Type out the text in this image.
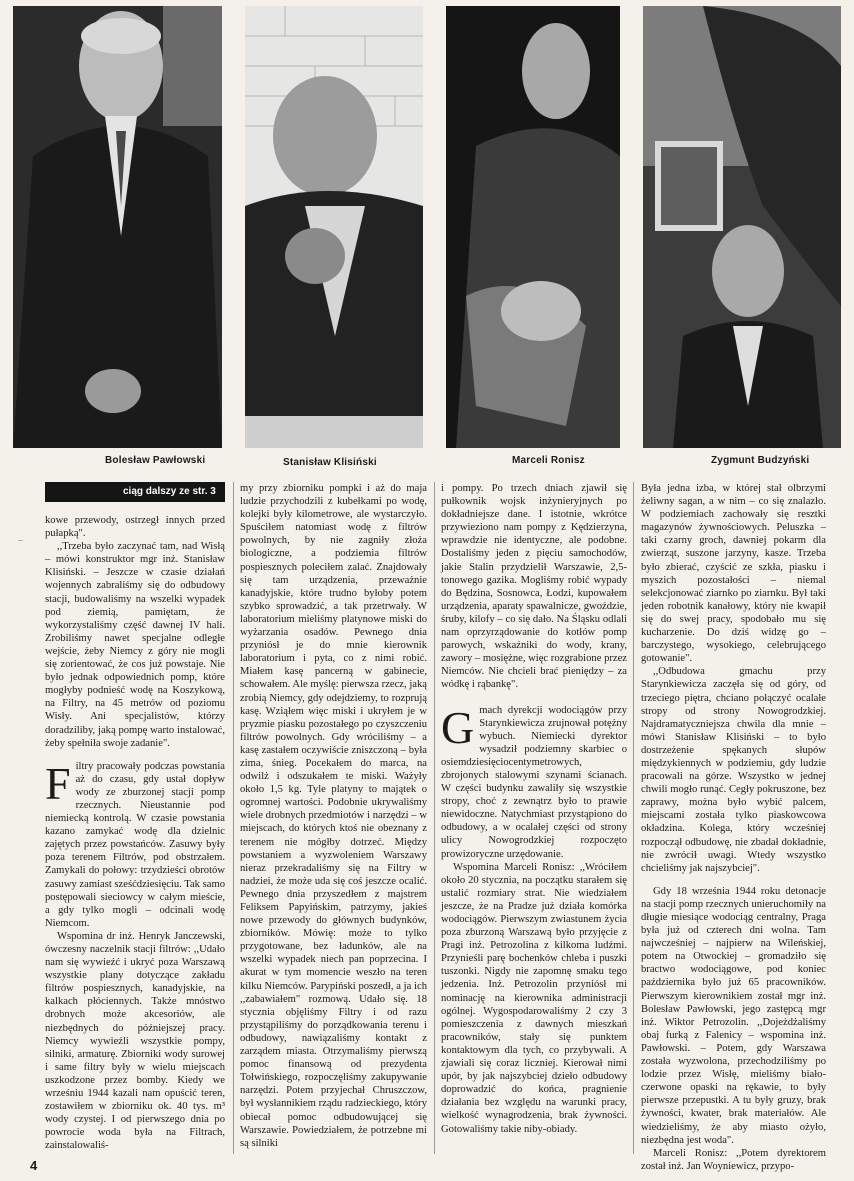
Bolesław Pawłowski	Stanisław Klisiński	Marceli Ronisz	Zygmunt Budzyński
–
ciąg dalszy ze str. 3

kowe przewody, ostrzegł innych przed pułapką".

,,Trzeba było zaczynać tam, nad Wisłą – mówi konstruktor mgr inż. Stanisław Klisiński. – Jeszcze w czasie działań wojennych zabraliśmy się do odbudowy stacji, budowaliśmy na wszelki wypadek pod ziemią, pamiętam, że wykorzystaliśmy część dawnej IV hali. Zrobiliśmy nawet specjalne odległe wejście, żeby Niemcy z góry nie mogli się zorientować, że cos już powstaje. Nie było jednak odpowiednich pomp, które mogłyby podnieść wodę na Koszykową, na Filtry, na 45 metrów od poziomu Wisły. Ani specjalistów, którzy doradziliby, jaką pompę warto instalować, żeby spełniła swoje zadanie".

F iltry pracowały podczas powstania aż do czasu, gdy ustał dopływ wody ze zburzonej stacji pomp rzecznych. Nieustannie pod niemiecką kontrolą. W czasie powstania kazano zamykać wodę dla dzielnic zajętych przez powstańców. Zasuwy były poza terenem Filtrów, pod obstrzałem. Zamykali do połowy: trzydzieści obrotów zasuwy zamiast sześćdziesięciu. Tak samo postępowali sieciowcy w całym mieście, a gdy tylko mogli – odcinali wodę Niemcom.

Wspomina dr inż. Henryk Janczewski, ówczesny naczelnik stacji filtrów: ,,Udało nam się wywieźć i ukryć poza Warszawą wszystkie plany dotyczące zakładu filtrów pospiesznych, kanadyjskie, na kalkach płóciennych. Także mnóstwo drobnych może akcesoriów, ale niezbędnych do późniejszej pracy. Niemcy wywieźli wszystkie pompy, silniki, armaturę. Zbiorniki wody surowej i same filtry były w wielu miejscach uszkodzone przez bomby. Kiedy we wrześniu 1944 kazali nam opuścić teren, zostawiłem w zbiorniku ok. 40 tys. m³ wody czystej. I od pierwszego dnia po powrocie woda była na Filtrach, zainstalowaliś-

my przy zbiorniku pompki i aż do maja ludzie przychodzili z kubełkami po wodę, kolejki były kilometrowe, ale wystarczyło. Spuściłem natomiast wodę z filtrów powolnych, by nie zagniły złoża biologiczne, a podziemia filtrów pospiesznych poleciłem zalać. Znajdowały się tam urządzenia, przeważnie kanadyjskie, które trudno byłoby potem szybko sprowadzić, a tak przetrwały. W laboratorium mieliśmy platynowe miski do wyżarzania osadów. Pewnego dnia przyniósł je do mnie kierownik laboratorium i pyta, co z nimi robić. Miałem kasę pancerną w gabinecie, schowałem. Ale myślę: pierwsza rzecz, jaką zrobią Niemcy, gdy odejdziemy, to rozprują kasę. Wziąłem więc miski i ukryłem je w pryzmie piasku pozostałego po czyszczeniu filtrów powolnych. Gdy wróciliśmy – a kasę zastałem oczywiście zniszczoną – była zima, śnieg. Pocekałem do marca, na odwilż i odszukałem te miski. Ważyły około 1,5 kg. Tyle platyny to majątek o ogromnej wartości. Podobnie ukrywaliśmy wiele drobnych przedmiotów i narzędzi – w miejscach, do których ktoś nie obeznany z terenem nie mógłby dotrzeć. Między powstaniem a wyzwoleniem Warszawy nieraz przekradaliśmy się na Filtry w nadziei, że może uda się coś jeszcze ocalić. Pewnego dnia przyszedłem z majstrem Feliksem Papyińskim, patrzymy, jakieś nowe przewody do głównych budynków, zbiorników. Mówię: może to tylko przygotowane, bez ładunków, ale na wszelki wypadek niech pan poprzecina. I akurat w tym momencie weszło na teren kilku Niemców. Parypiński poszedł, a ja ich ,,zabawiałem" rozmową. Udało się. 18 stycznia objęliśmy Filtry i od razu przystąpiliśmy do porządkowania terenu i odbudowy, nawiązaliśmy kontakt z zarządem miasta. Otrzymaliśmy pierwszą pomoc finansową od prezydenta Tołwińskiego, rozpoczęliśmy zakupywanie narzędzi. Potem przyjechał Chruszczow, był wysłannikiem rządu radzieckiego, który obiecał pomoc odbudowującej się Warszawie. Powiedziałem, że potrzebne mi są silniki

i pompy. Po trzech dniach zjawił się pułkownik wojsk inżynieryjnych po dokładniejsze dane. I istotnie, wkrótce przywieziono nam pompy z Kędzierzyna, wprawdzie nie identyczne, ale podobne. Dostaliśmy jeden z pięciu samochodów, jakie Stalin przydzielił Warszawie, 2,5-tonowego gazika. Mogliśmy robić wypady do Będzina, Sosnowca, Łodzi, kupowałem urządzenia, aparaty spawalnicze, gwoździe, śruby, kilofy – co się dało. Na Śląsku odlali nam oprzyrządowanie do kotłów pomp parowych, wskaźniki do wody, krany, zawory – mosiężne, więc rozgrabione przez Niemców. Nie chcieli brać pieniędzy – za wódkę i rąbankę".

G mach dyrekcji wodociągów przy Starynkiewicza zrujnował potężny wybuch. Niemiecki dyrektor wysadził podziemny skarbiec o osiemdziesięciocentymetrowych, zbrojonych stalowymi szynami ścianach. W części budynku zawaliły się wszystkie stropy, choć z zewnątrz było to prawie niewidoczne. Natychmiast przystąpiono do odbudowy, a w ocalałej części od strony ulicy Nowogrodzkiej rozpoczęto prowizoryczne urzędowanie.

Wspomina Marceli Ronisz: ,,Wróciłem około 20 stycznia, na początku starałem się ustalić rozmiary strat. Nie wiedziałem jeszcze, że na Pradze już działa komórka wodociągów. Pierwszym zwiastunem życia poza zburzoną Warszawą było przyjęcie z Pragi inż. Petrozolina z kilkoma ludźmi. Przynieśli parę bochenków chleba i puszki tuszonki. Nigdy nie zapomnę smaku tego jedzenia. Inż. Petrozolin przyniósł mi nominację na kierownika administracji ogólnej. Wygospodarowaliśmy 2 czy 3 pomieszczenia z dawnych mieszkań pracowników, stały się punktem kontaktowym dla tych, co przybywali. A zjawiali się coraz liczniej. Kierował nimi upór, by jak najszybciej dzieło odbudowy doprowadzić do końca, pragnienie działania bez względu na warunki pracy, wielkość wynagrodzenia, brak żywności. Gotowaliśmy takie niby-obiady.

Była jedna izba, w której stał olbrzymi żeliwny sagan, a w nim – co się znalazło. W podziemiach zachowały się resztki magazynów żywnościowych. Peluszka – taki czarny groch, dawniej pokarm dla zwierząt, suszone jarzyny, kasze. Trzeba było zbierać, czyścić ze szkła, piasku i myszich pozostałości – niemal selekcjonować ziarnko po ziarnku. Był taki jeden robotnik kanałowy, który nie kwapił się do swej pracy, spodobało mu się kucharzenie. Do dziś widzę go – barczystego, wysokiego, celebrującego gotowanie".

,,Odbudowa gmachu przy Starynkiewicza zaczęła się od góry, od trzeciego piętra, chciano połączyć ocalałe stropy od strony Nowogrodzkiej. Najdramatyczniejsza chwila dla mnie – mówi Stanisław Klisiński – to było dostrzeżenie spękanych słupów międzykiennych w podziemiu, gdy ludzie pracowali na górze. Wszystko w jednej chwili mogło runąć. Cegły pokruszone, bez zaprawy, można było wybić palcem, miejscami została tylko piaskowcowa okładzina. Kolega, który wcześniej rozpoczął odbudowę, nie zbadał dokładnie, nie zwrócił uwagi. Wtedy wszystko chcieliśmy jak najszybciej".

Gdy 18 września 1944 roku detonacje na stacji pomp rzecznych unieruchomiły na długie miesiące wodociąg centralny, Praga była już od czterech dni wolna. Tam najwcześniej – najpierw na Wileńskiej, potem na Otwockiej – gromadziło się bractwo wodociągowe, pod koniec października było już 65 pracowników. Pierwszym kierownikiem został mgr inż. Bolesław Pawłowski, jego zastępcą mgr inż. Wiktor Petrozolin. ,,Dojeżdżaliśmy obaj furką z Falenicy – wspomina inż. Pawłowski. – Potem, gdy Warszawa została wyzwolona, przechodziliśmy po lodzie przez Wisłę, mieliśmy biało-czerwone opaski na rękawie, to były pierwsze przepustki. A tu były gruzy, brak żywności, kwater, brak materiałów. Ale wiedzieliśmy, że aby miasto ożyło, niezbędna jest woda".

Marceli Ronisz: ,,Potem dyrektorem został inż. Jan Woyniewicz, przypo-

4
